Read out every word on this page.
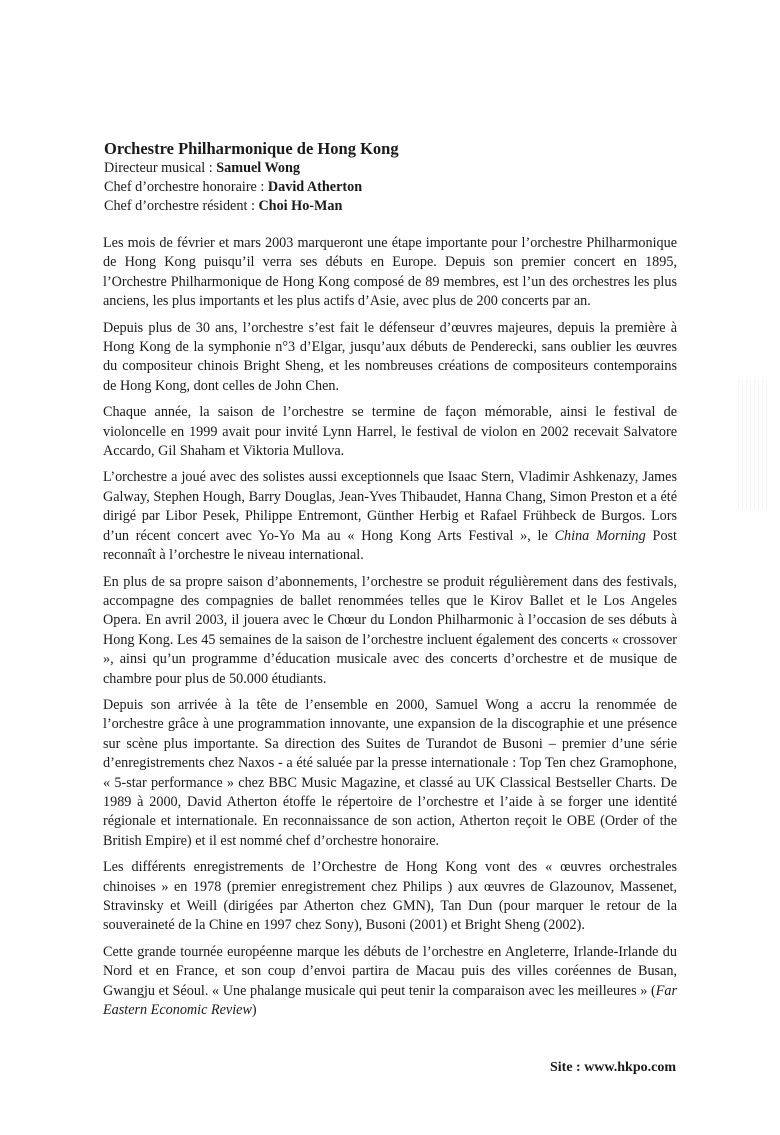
Orchestre Philharmonique de Hong Kong
Directeur musical : Samuel Wong
Chef d’orchestre honoraire : David Atherton
Chef d’orchestre résident : Choi Ho-Man

Les mois de février et mars 2003 marqueront une étape importante pour l’orchestre Philharmonique de Hong Kong puisqu’il verra ses débuts en Europe. Depuis son premier concert en 1895, l’Orchestre Philharmonique de Hong Kong composé de 89 membres, est l’un des orchestres les plus anciens, les plus importants et les plus actifs d’Asie, avec plus de 200 concerts par an.

Depuis plus de 30 ans, l’orchestre s’est fait le défenseur d’œuvres majeures, depuis la première à Hong Kong de la symphonie n°3 d’Elgar, jusqu’aux débuts de Penderecki, sans oublier les œuvres du compositeur chinois Bright Sheng, et les nombreuses créations de compositeurs contemporains de Hong Kong, dont celles de John Chen.

Chaque année, la saison de l’orchestre se termine de façon mémorable, ainsi le festival de violoncelle en 1999 avait pour invité Lynn Harrel, le festival de violon en 2002 recevait Salvatore Accardo, Gil Shaham et Viktoria Mullova.

L’orchestre a joué avec des solistes aussi exceptionnels que Isaac Stern, Vladimir Ashkenazy, James Galway, Stephen Hough, Barry Douglas, Jean-Yves Thibaudet, Hanna Chang, Simon Preston et a été dirigé par Libor Pesek, Philippe Entremont, Günther Herbig et Rafael Frühbeck de Burgos. Lors d’un récent concert avec Yo-Yo Ma au « Hong Kong Arts Festival », le China Morning Post reconnaît à l’orchestre le niveau international.

En plus de sa propre saison d’abonnements, l’orchestre se produit régulièrement dans des festivals, accompagne des compagnies de ballet renommées telles que le Kirov Ballet et le Los Angeles Opera. En avril 2003, il jouera avec le Chœur du London Philharmonic à l’occasion de ses débuts à Hong Kong. Les 45 semaines de la saison de l’orchestre incluent également des concerts « crossover », ainsi qu’un programme d’éducation musicale avec des concerts d’orchestre et de musique de chambre pour plus de 50.000 étudiants.

Depuis son arrivée à la tête de l’ensemble en 2000, Samuel Wong a accru la renommée de l’orchestre grâce à une programmation innovante, une expansion de la discographie et une présence sur scène plus importante. Sa direction des Suites de Turandot de Busoni – premier d’une série d’enregistrements chez Naxos - a été saluée par la presse internationale : Top Ten chez Gramophone, « 5-star performance » chez BBC Music Magazine, et classé au UK Classical Bestseller Charts. De 1989 à 2000, David Atherton étoffe le répertoire de l’orchestre et l’aide à se forger une identité régionale et internationale. En reconnaissance de son action, Atherton reçoit le OBE (Order of the British Empire) et il est nommé chef d’orchestre honoraire.

Les différents enregistrements de l’Orchestre de Hong Kong vont des « œuvres orchestrales chinoises » en 1978 (premier enregistrement chez Philips ) aux œuvres de Glazounov, Massenet, Stravinsky et Weill (dirigées par Atherton chez GMN), Tan Dun (pour marquer le retour de la souveraineté de la Chine en 1997 chez Sony), Busoni (2001) et Bright Sheng (2002).

Cette grande tournée européenne marque les débuts de l’orchestre en Angleterre, Irlande-Irlande du Nord et en France, et son coup d’envoi partira de Macau puis des villes coréennes de Busan, Gwangju et Séoul. « Une phalange musicale qui peut tenir la comparaison avec les meilleures » (Far Eastern Economic Review)

Site : www.hkpo.com
